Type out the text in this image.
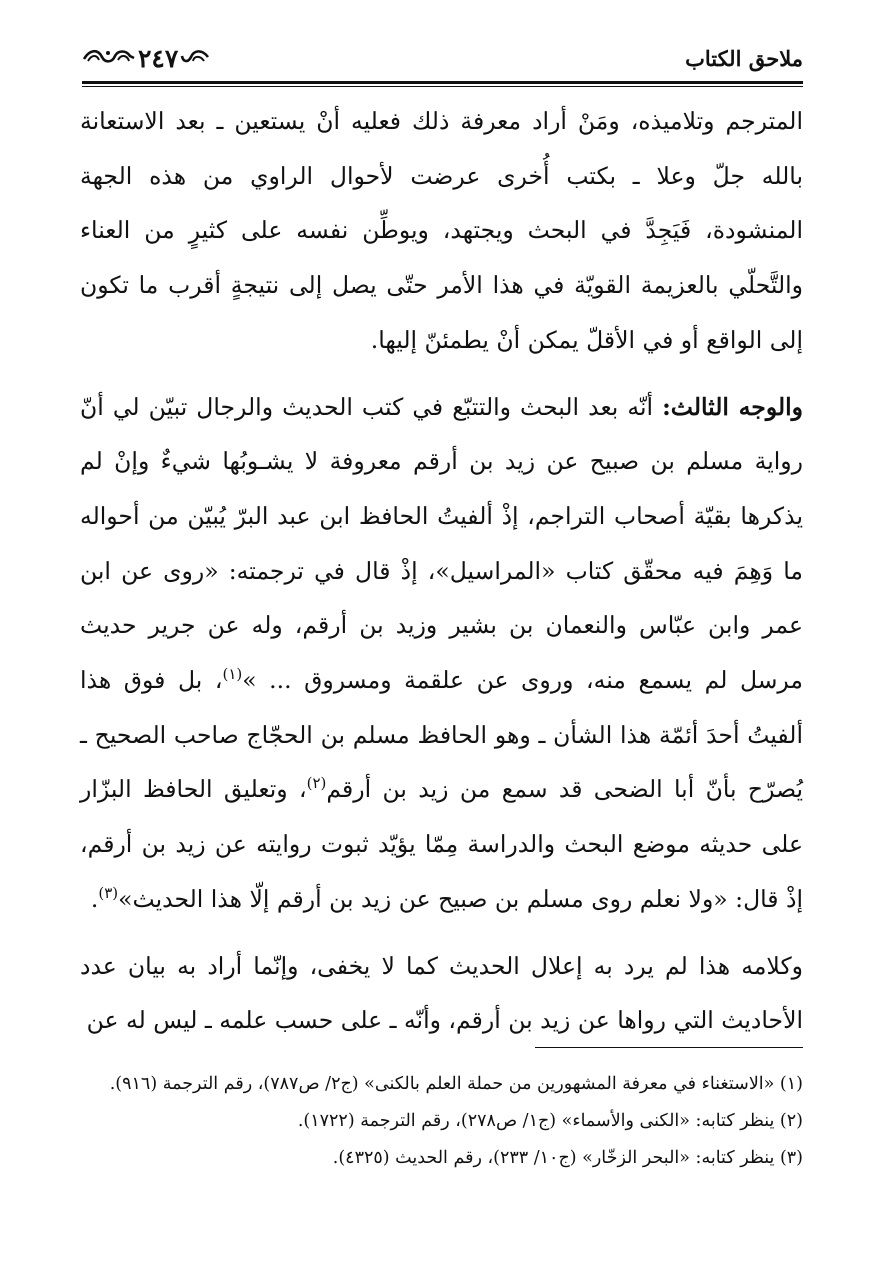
ملاحق الكتاب
٢٤٧

المترجم وتلاميذه، ومَنْ أراد معرفة ذلك فعليه أنْ يستعين ـ بعد الاستعانة بالله جلّ وعلا ـ بكتب أُخرى عرضت لأحوال الراوي من هذه الجهة المنشودة، فَيَجِدَّ في البحث ويجتهد، ويوطِّن نفسه على كثيرٍ من العناء والتَّحلّي بالعزيمة القويّة في هذا الأمر حتّى يصل إلى نتيجةٍ أقرب ما تكون إلى الواقع أو في الأقلّ يمكن أنْ يطمئنّ إليها.

والوجه الثالث: أنّه بعد البحث والتتبّع في كتب الحديث والرجال تبيّن لي أنّ رواية مسلم بن صبيح عن زيد بن أرقم معروفة لا يشـوبُها شيءٌ وإنْ لم يذكرها بقيّة أصحاب التراجم، إذْ ألفيتُ الحافظ ابن عبد البرّ يُبيّن من أحواله ما وَهِمَ فيه محقّق كتاب «المراسيل»، إذْ قال في ترجمته: «روى عن ابن عمر وابن عبّاس والنعمان بن بشير وزيد بن أرقم، وله عن جرير حديث مرسل لم يسمع منه، وروى عن علقمة ومسروق ... »$^{(١)}$، بل فوق هذا ألفيتُ أحدَ أئمّة هذا الشأن ـ وهو الحافظ مسلم بن الحجّاج صاحب الصحيح ـ يُصرّح بأنّ أبا الضحى قد سمع من زيد بن أرقم$^{(٢)}$، وتعليق الحافظ البزّار على حديثه موضع البحث والدراسة مِمّا يؤيّد ثبوت روايته عن زيد بن أرقم، إذْ قال: «ولا نعلم روى مسلم بن صبيح عن زيد بن أرقم إلّا هذا الحديث»$^{(٣)}$.

وكلامه هذا لم يرد به إعلال الحديث كما لا يخفى، وإنّما أراد به بيان عدد الأحاديث التي رواها عن زيد بن أرقم، وأنّه ـ على حسب علمه ـ ليس له عن

(١) «الاستغناء في معرفة المشهورين من حملة العلم بالكنى» (ج٢/ ص٧٨٧)، رقم الترجمة (٩١٦).

(٢) ينظر كتابه: «الكنى والأسماء» (ج١/ ص٢٧٨)، رقم الترجمة (١٧٢٢).

(٣) ينظر كتابه: «البحر الزخّار» (ج١٠/ ٢٣٣)، رقم الحديث (٤٣٢٥).
